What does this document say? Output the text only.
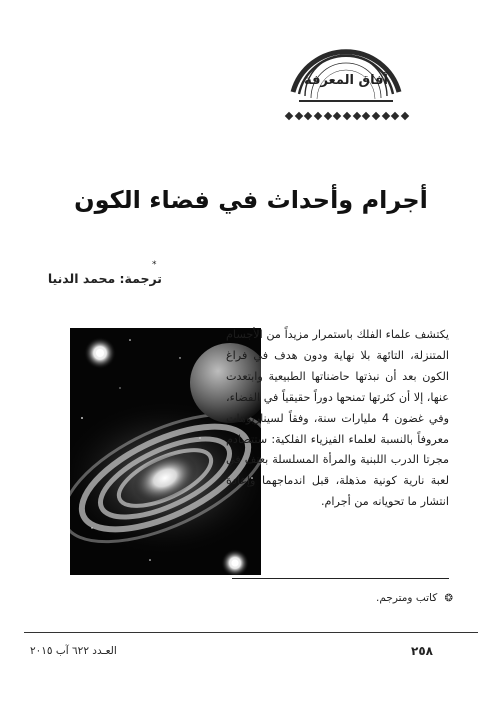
آفاق المعرفة
أجرام وأحداث في فضاء الكون
ترجمة: محمد الدنيا
*

يكتشف علماء الفلك باستمرار مزيداً من الأجسام المتنزلة، التائهة بلا نهاية ودون هدف في فراغ الكون بعد أن نبذتها حاضناتها الطبيعية وابتعدت عنها، إلا أن كثرتها تمنحها دوراً حقيقياً في الفضاء، وفي غضون 4 مليارات سنة، وفقاً لسيناريوهات معروفاً بالنسبة لعلماء الفيزياء الفلكية: ستتصادم مجرتا الدرب اللبنية والمرأة المسلسلة بعنف في لعبة نارية كونية مذهلة، قبل اندماجهما وإعادة انتشار ما تحويانه من أجرام.

❂ كاتب ومترجم.
٢٥٨
العـدد ٦٢٢ آب ٢٠١٥
